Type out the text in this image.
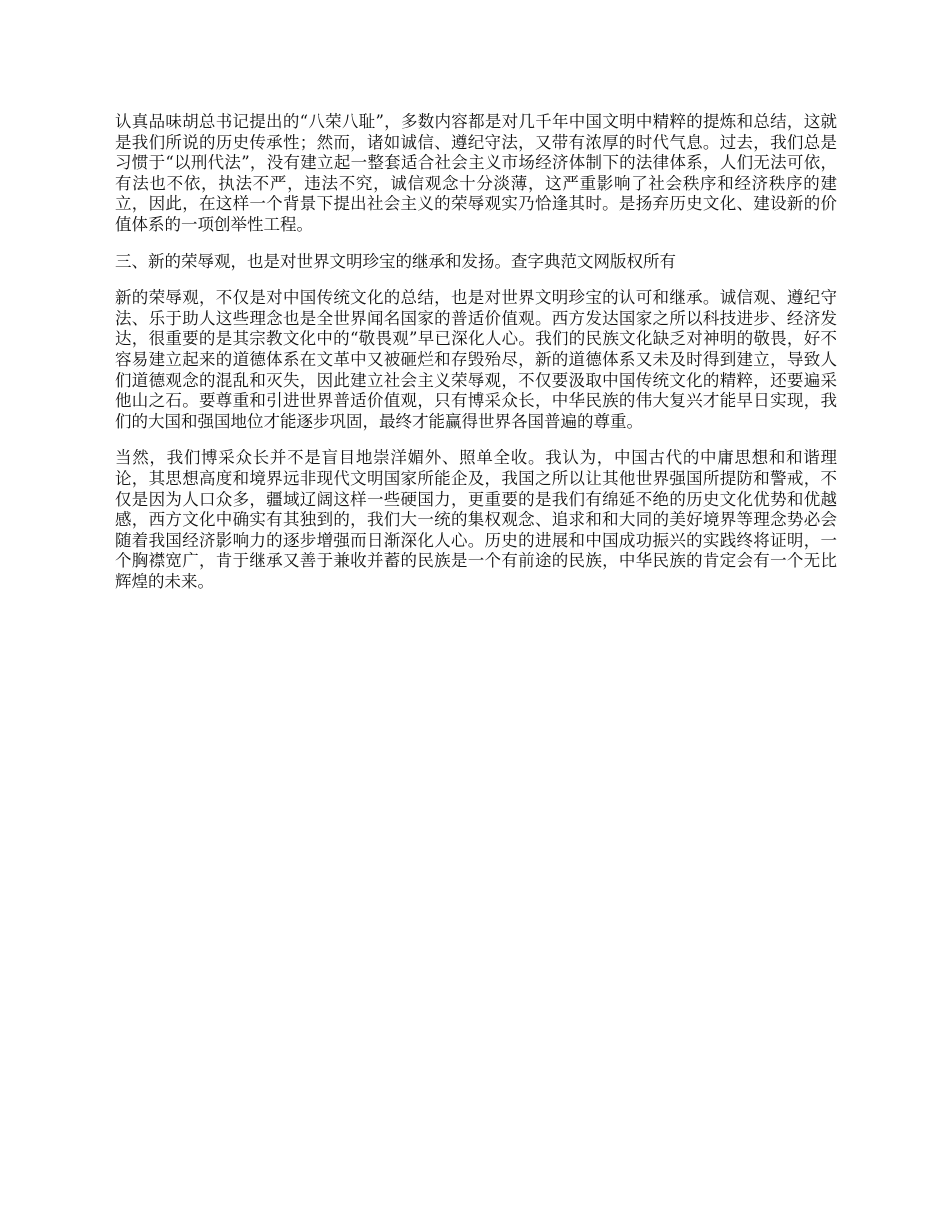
认真品味胡总书记提出的“八荣八耻”，多数内容都是对几千年中国文明中精粹的提炼和总结，这就是我们所说的历史传承性；然而，诸如诚信、遵纪守法，又带有浓厚的时代气息。过去，我们总是习惯于“以刑代法”，没有建立起一整套适合社会主义市场经济体制下的法律体系，人们无法可依，有法也不依，执法不严，违法不究，诚信观念十分淡薄，这严重影响了社会秩序和经济秩序的建立，因此，在这样一个背景下提出社会主义的荣辱观实乃恰逢其时。是扬弃历史文化、建设新的价值体系的一项创举性工程。

三、新的荣辱观，也是对世界文明珍宝的继承和发扬。查字典范文网版权所有

新的荣辱观，不仅是对中国传统文化的总结，也是对世界文明珍宝的认可和继承。诚信观、遵纪守法、乐于助人这些理念也是全世界闻名国家的普适价值观。西方发达国家之所以科技进步、经济发达，很重要的是其宗教文化中的“敬畏观”早已深化人心。我们的民族文化缺乏对神明的敬畏，好不容易建立起来的道德体系在文革中又被砸烂和存毁殆尽，新的道德体系又未及时得到建立，导致人们道德观念的混乱和灭失，因此建立社会主义荣辱观，不仅要汲取中国传统文化的精粹，还要遍采他山之石。要尊重和引进世界普适价值观，只有博采众长，中华民族的伟大复兴才能早日实现，我们的大国和强国地位才能逐步巩固，最终才能赢得世界各国普遍的尊重。

当然，我们博采众长并不是盲目地崇洋媚外、照单全收。我认为，中国古代的中庸思想和和谐理论，其思想高度和境界远非现代文明国家所能企及，我国之所以让其他世界强国所提防和警戒，不仅是因为人口众多，疆域辽阔这样一些硬国力，更重要的是我们有绵延不绝的历史文化优势和优越感，西方文化中确实有其独到的，我们大一统的集权观念、追求和和大同的美好境界等理念势必会随着我国经济影响力的逐步增强而日渐深化人心。历史的进展和中国成功振兴的实践终将证明，一个胸襟宽广，肯于继承又善于兼收并蓄的民族是一个有前途的民族，中华民族的肯定会有一个无比辉煌的未来。
